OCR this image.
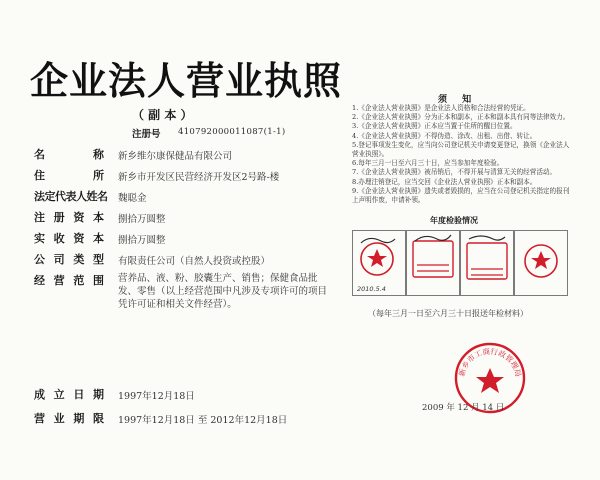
企业法人营业执照
（ 副 本 ）
注册号 410792000011087(1-1)
名 称 新乡维尔康保健品有限公司
住 所 新乡市开发区民营经济开发区2号路-楼
法定代表人姓名 魏聪金
注 册 资 本 捌拾万圆整
实 收 资 本 捌拾万圆整
公 司 类 型 有限责任公司（自然人投资或控股）
经 营 范 围 营养品、液、粉、胶囊生产、销售；保健食品批发、零售（以上经营范围中凡涉及专项许可的项目凭许可证和相关文件经营）。
成 立 日 期 1997年12月18日
营 业 期 限 1997年12月18日 至 2012年12月18日
须 知
1.《企业法人营业执照》是企业法人资格和合法经营的凭证。
2.《企业法人营业执照》分为正本和副本，正本和副本具有同等法律效力。
3.《企业法人营业执照》正本应当置于住所的醒目位置。
4.《企业法人营业执照》不得伪造、涂改、出租、出借、转让。
5.登记事项发生变化，应当向公司登记机关申请变更登记，换领《企业法人营业执照》。
6.每年三月一日至六月三十日，应当参加年度检验。
7.《企业法人营业执照》被吊销后，不得开展与清算无关的经营活动。
8.办理注销登记，应当交回《企业法人营业执照》正本和副本。
9.《企业法人营业执照》遗失或者毁损的，应当在公司登记机关指定的报刊上声明作废，申请补领。
年度检验情况
2010.5.4
（每年三月一日至六月三十日报送年检材料）
新乡市工商行政管理局
2009 年 12 月 14 日
